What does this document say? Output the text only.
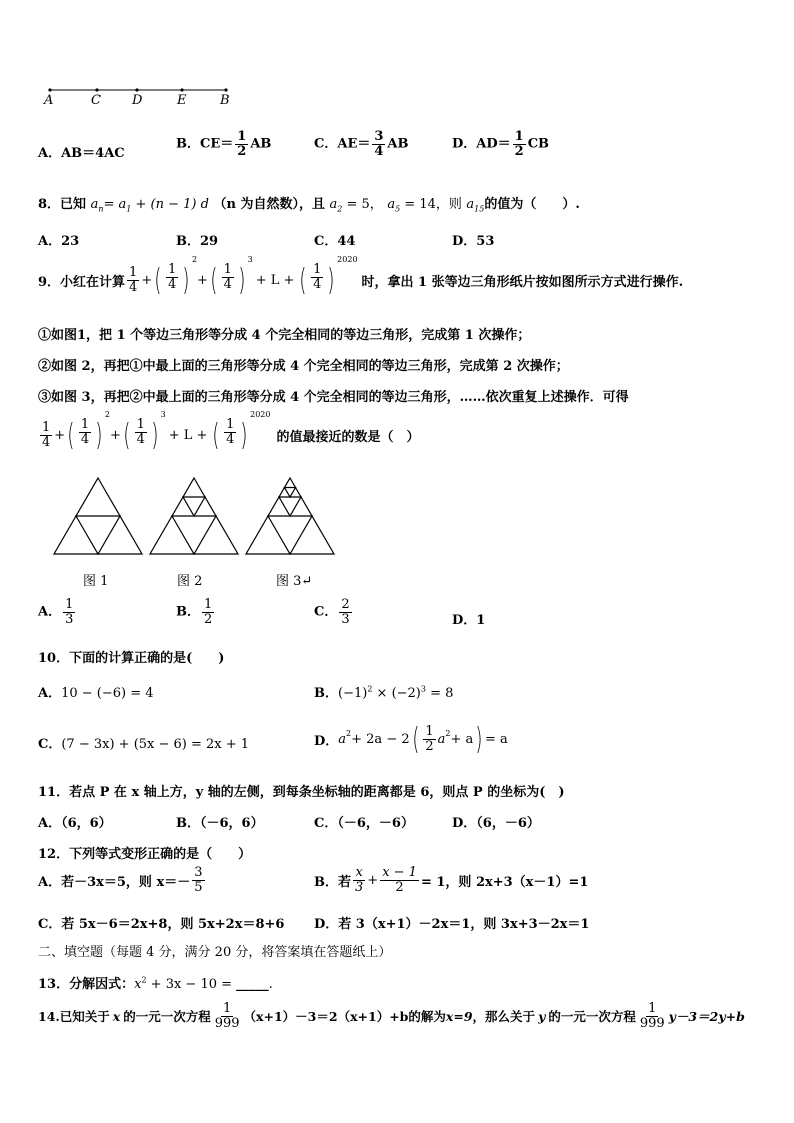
A	C D	E	B
A．AB＝4AC
B．$CE= \frac{1}{2}$ AB	C．$AE= \frac{3}{4}$ AB	D．$AD= \frac{1}{2}$ CB
8．已知 $a_n= a_1 + (n - 1)$ d （n 为自然数），且 $a_2 = 5$， $a_5 = 14$，则 $a_{15}$的值为（　　）.
A．23	B．29	C．44	D．53
9．小红在计算 $\frac{1}{4}$ + ( $\frac{1}{4}$ )
2
+ ( $\frac{1}{4}$ )
3
+ L + ( $\frac{1}{4}$ )
2020
时，拿出 1 张等边三角形纸片按如图所示方式进行操作.
①如图1，把 1 个等边三角形等分成 4 个完全相同的等边三角形，完成第 1 次操作；
②如图 2，再把①中最上面的三角形等分成 4 个完全相同的等边三角形，完成第 2 次操作；
③如图 3，再把②中最上面的三角形等分成 4 个完全相同的等边三角形，……依次重复上述操作．可得
$\frac{1}{4}$ + ( $\frac{1}{4}$ )
2
+ ( $\frac{1}{4}$ )
3
+ L + ( $\frac{1}{4}$ )
2020
的值最接近的数是（　）
图 1	图 2	图 3↵
A． $\frac{1}{3}$	B． $\frac{1}{2}$	C． $\frac{2}{3}$	D．1
10．下面的计算正确的是(　　)
A．10 − (−6) = 4	B．$(-1)^2 \times (-2)^3 = 8$
C．(7 − 3x) + (5x − 6) = 2x + 1	D． a 2 + 2a − 2 ( $\frac{1}{2}$ a 2 + a ) = a
11．若点 P 在 x 轴上方，y 轴的左侧，到每条坐标轴的距离都是 6，则点 P 的坐标为(　)
A．（6，6）	B．（－6，6）	C．（－6，－6）	D．（6，－6）
12．下列等式变形正确的是（　　）
A．若－3x＝5，则 $x=- \frac{3}{5}$	B．若 $\frac{x}{3} + \frac{x - 1}{2} = 1$，则 2x+3（x－1）=1
C．若 5x－6＝2x+8，则 5x+2x＝8+6 D．若 3（x+1）－2x＝1，则 3x+3－2x＝1
二、填空题（每题 4 分，满分 20 分，将答案填在答题纸上）
13．分解因式：$x^2 + 3x - 10$ = _____.
14.已知关于 x 的一元一次方程 $\frac{1}{999} (x+1)-3=2(x+1)+b$ 的解为 x=9 ，那么关于 y 的一元一次方程 $\frac{1}{999} y-3=2y+b$
